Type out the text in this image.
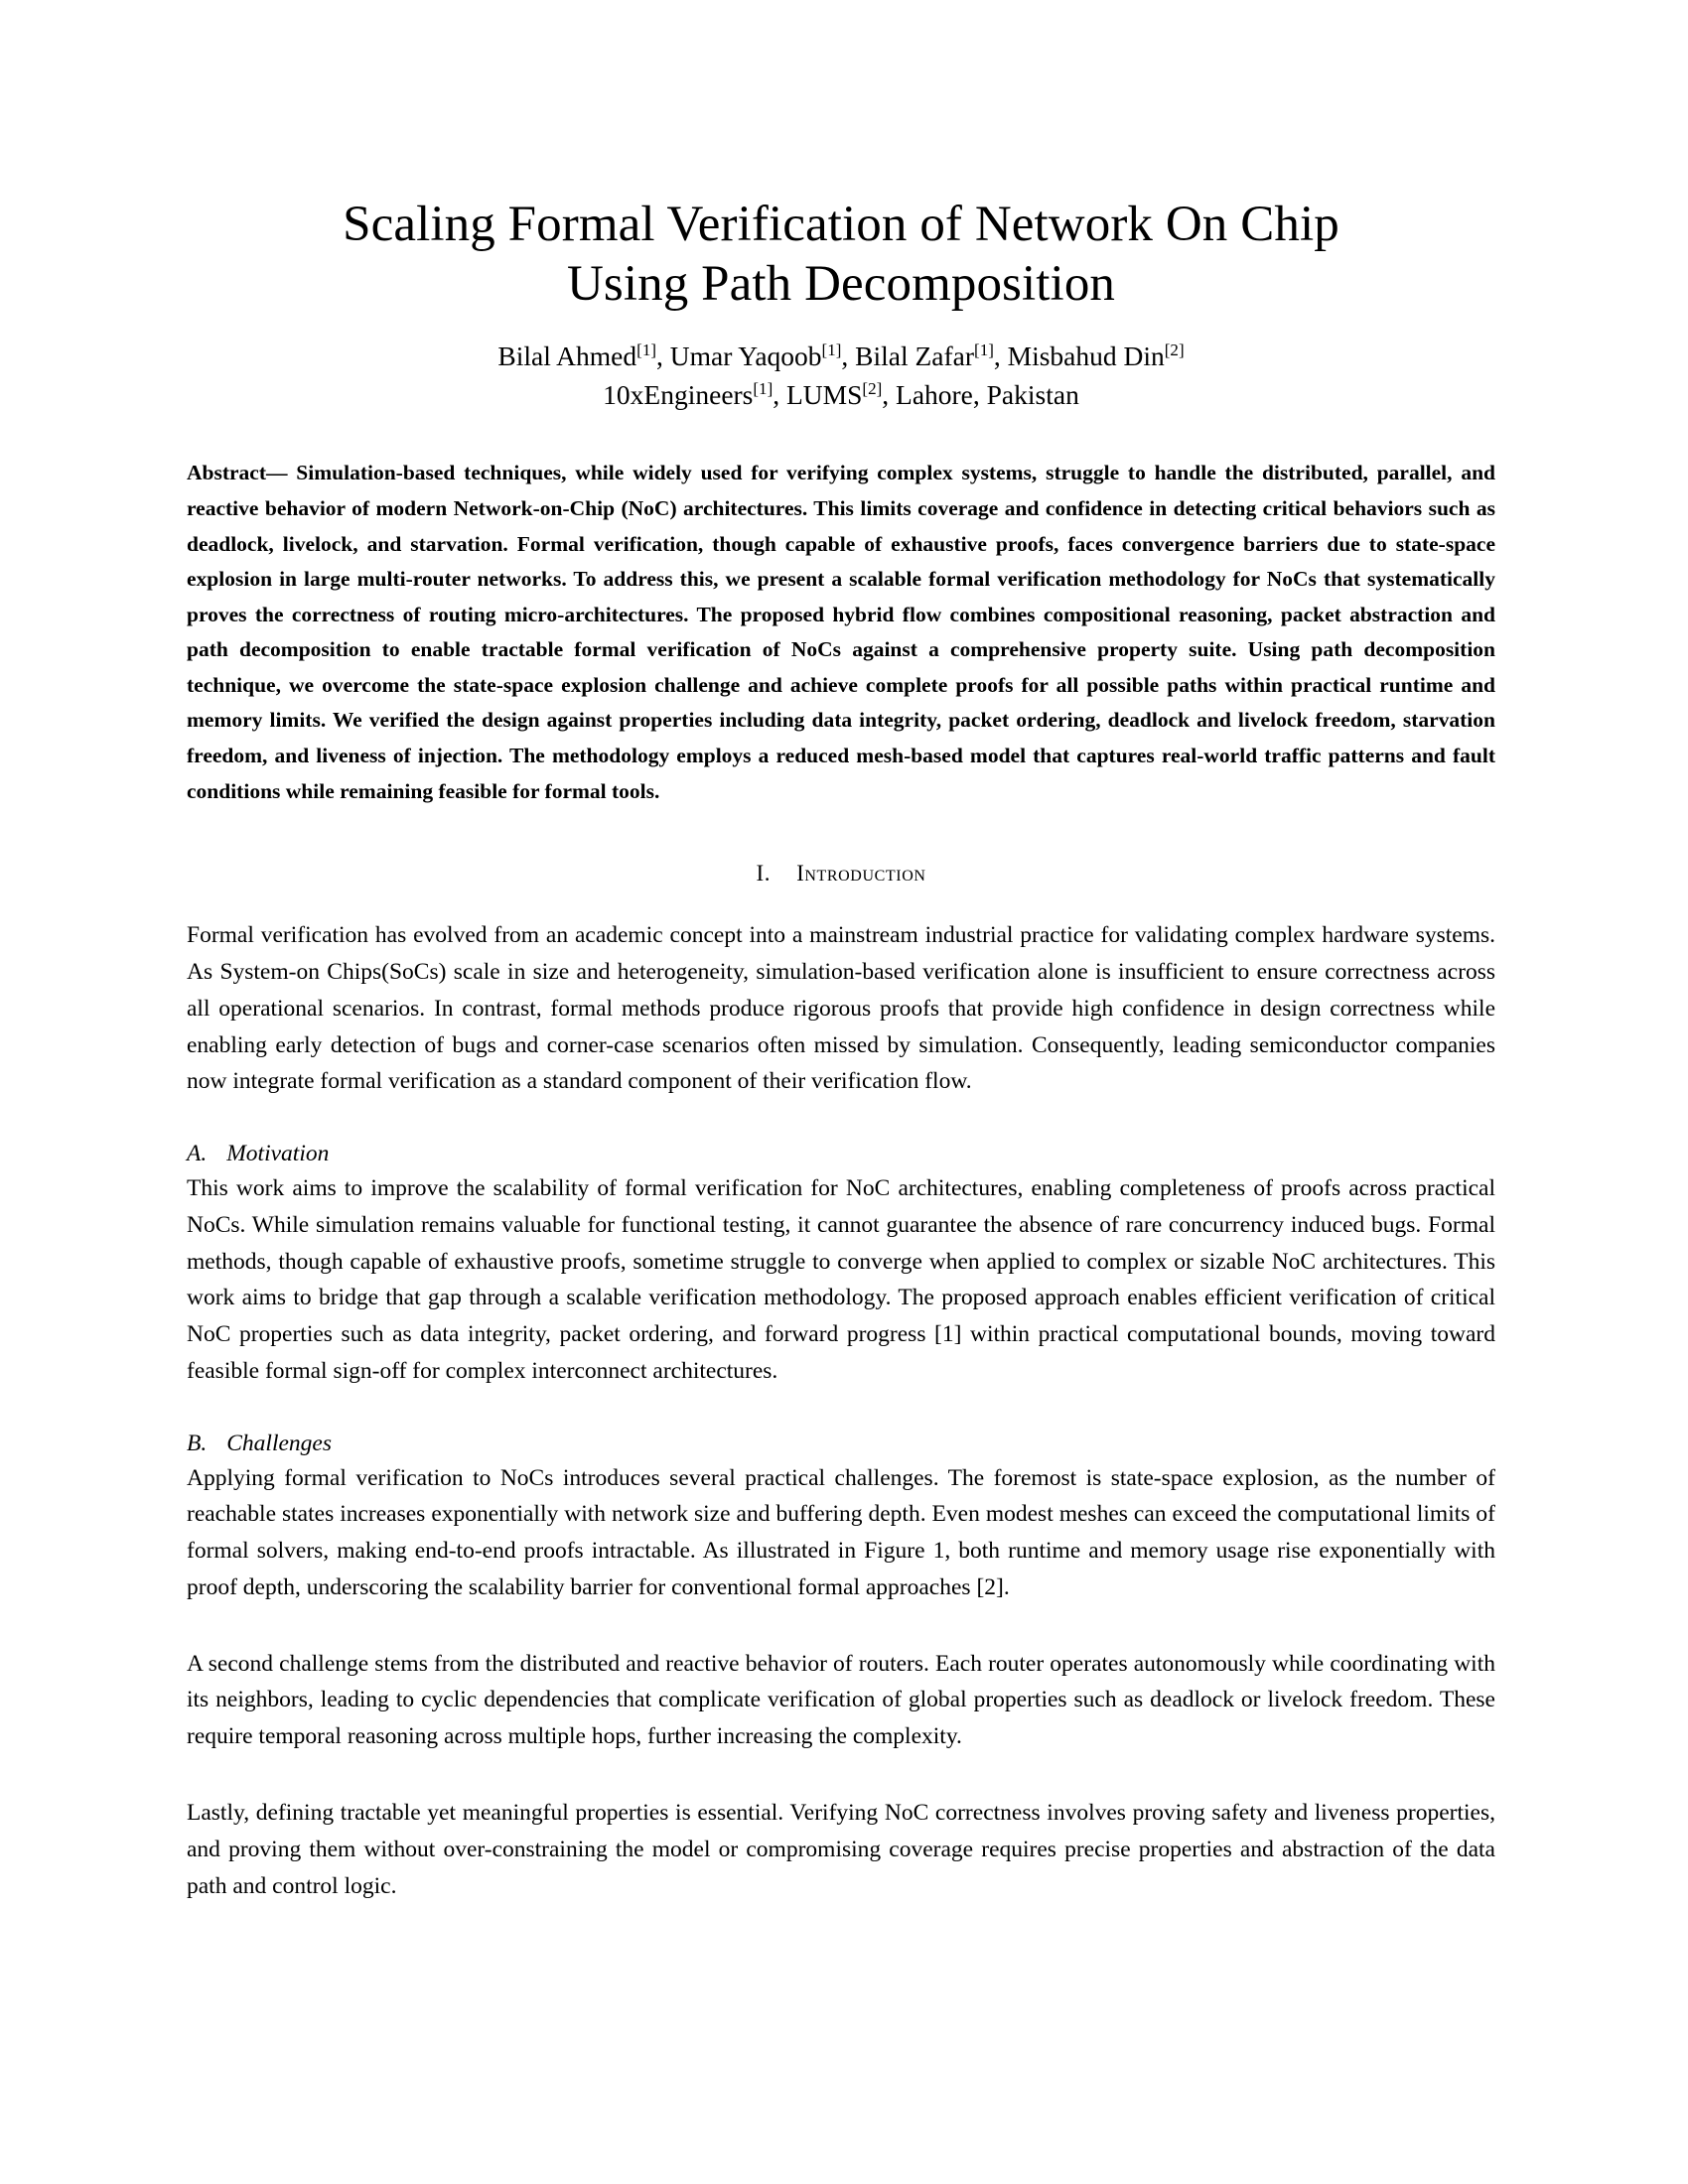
Scaling Formal Verification of Network On Chip
Using Path Decomposition
Bilal Ahmed[1], Umar Yaqoob[1], Bilal Zafar[1], Misbahud Din[2]
10xEngineers[1], LUMS[2], Lahore, Pakistan
Abstract— Simulation-based techniques, while widely used for verifying complex systems, struggle to handle the distributed, parallel, and reactive behavior of modern Network-on-Chip (NoC) architectures. This limits coverage and confidence in detecting critical behaviors such as deadlock, livelock, and starvation. Formal verification, though capable of exhaustive proofs, faces convergence barriers due to state-space explosion in large multi-router networks. To address this, we present a scalable formal verification methodology for NoCs that systematically proves the correctness of routing micro-architectures. The proposed hybrid flow combines compositional reasoning, packet abstraction and path decomposition to enable tractable formal verification of NoCs against a comprehensive property suite. Using path decomposition technique, we overcome the state-space explosion challenge and achieve complete proofs for all possible paths within practical runtime and memory limits. We verified the design against properties including data integrity, packet ordering, deadlock and livelock freedom, starvation freedom, and liveness of injection. The methodology employs a reduced mesh-based model that captures real-world traffic patterns and fault conditions while remaining feasible for formal tools.
I. Introduction

Formal verification has evolved from an academic concept into a mainstream industrial practice for validating complex hardware systems. As System-on Chips(SoCs) scale in size and heterogeneity, simulation-based verification alone is insufficient to ensure correctness across all operational scenarios. In contrast, formal methods produce rigorous proofs that provide high confidence in design correctness while enabling early detection of bugs and corner-case scenarios often missed by simulation. Consequently, leading semiconductor companies now integrate formal verification as a standard component of their verification flow.

A. Motivation

This work aims to improve the scalability of formal verification for NoC architectures, enabling completeness of proofs across practical NoCs. While simulation remains valuable for functional testing, it cannot guarantee the absence of rare concurrency induced bugs. Formal methods, though capable of exhaustive proofs, sometime struggle to converge when applied to complex or sizable NoC architectures. This work aims to bridge that gap through a scalable verification methodology. The proposed approach enables efficient verification of critical NoC properties such as data integrity, packet ordering, and forward progress [1] within practical computational bounds, moving toward feasible formal sign-off for complex interconnect architectures.

B. Challenges

Applying formal verification to NoCs introduces several practical challenges. The foremost is state-space explosion, as the number of reachable states increases exponentially with network size and buffering depth. Even modest meshes can exceed the computational limits of formal solvers, making end-to-end proofs intractable. As illustrated in Figure 1, both runtime and memory usage rise exponentially with proof depth, underscoring the scalability barrier for conventional formal approaches [2].

A second challenge stems from the distributed and reactive behavior of routers. Each router operates autonomously while coordinating with its neighbors, leading to cyclic dependencies that complicate verification of global properties such as deadlock or livelock freedom. These require temporal reasoning across multiple hops, further increasing the complexity.

Lastly, defining tractable yet meaningful properties is essential. Verifying NoC correctness involves proving safety and liveness properties, and proving them without over-constraining the model or compromising coverage requires precise properties and abstraction of the data path and control logic.
